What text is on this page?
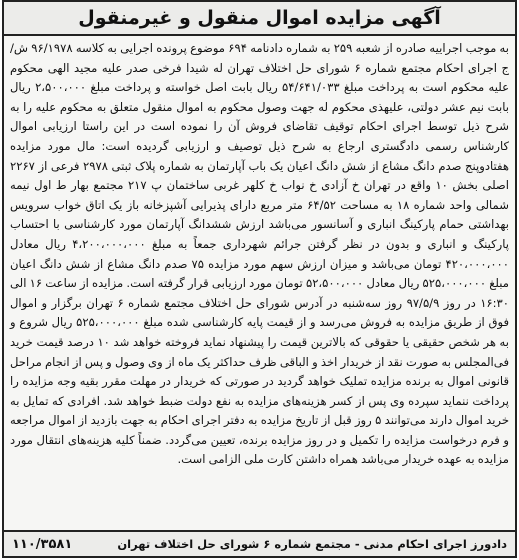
آگهی مزایده اموال منقول و غیرمنقول
به موجب اجراییه صادره از شعبه ۲۵۹ به شماره دادنامه ۶۹۴ موضوع پرونده اجرایی به کلاسه ۹۶/۱۹۷۸ ش/ج اجرای احکام مجتمع شماره ۶ شورای حل اختلاف تهران له شیدا فرخی صدر علیه مجید الهی محکوم علیه محکوم است به پرداخت مبلغ ۵۴/۶۴۱/۰۳۳ ریال بابت اصل خواسته و پرداخت مبلغ ۲،۵۰۰،۰۰۰ ریال بابت نیم عشر دولتی، علیهذی محکوم له جهت وصول محکوم به اموال منقول متعلق به محکوم علیه را به شرح ذیل توسط اجرای احکام توقیف تقاضای فروش آن را نموده است در این راستا ارزیابی اموال کارشناس رسمی دادگستری ارجاع به شرح ذیل توصیف و ارزیابی گردیده است: مال مورد مزایده هفتادوپنج صدم دانگ مشاع از شش دانگ اعیان یک باب آپارتمان به شماره پلاک ثبتی ۲۹۷۸ فرعی از ۲۲۶۷ اصلی بخش ۱۰ واقع در تهران خ آزادی خ نواب خ کلهر غربی ساختمان پ ۲۱۷ مجتمع بهار ط اول نیمه شمالی واحد شماره ۱۸ به مساحت ۶۴/۵۲ متر مربع دارای پذیرایی آشپزخانه باز یک اتاق خواب سرویس بهداشتی حمام پارکینگ انباری و آسانسور می‌باشد ارزش ششدانگ آپارتمان مورد کارشناسی با احتساب پارکینگ و انباری و بدون در نظر گرفتن جرائم شهرداری جمعاً به مبلغ ۴،۲۰۰،۰۰۰،۰۰۰ ریال معادل ۴۲۰،۰۰۰،۰۰۰ تومان می‌باشد و میزان ارزش سهم مورد مزایده ۷۵ صدم دانگ مشاع از شش دانگ اعیان مبلغ ۵۲۵،۰۰۰،۰۰۰ ریال معادل ۵۲،۵۰۰،۰۰۰ تومان مورد ارزیابی قرار گرفته است. مزایده از ساعت ۱۶ الی ۱۶:۳۰ در روز ۹۷/۵/۹ روز سه‌شنبه در آدرس شورای حل اختلاف مجتمع شماره ۶ تهران برگزار و اموال فوق از طریق مزایده به فروش می‌رسد و از قیمت پایه کارشناسی شده مبلغ ۵۲۵،۰۰۰،۰۰۰ ریال شروع و به هر شخص حقیقی یا حقوقی که بالاترین قیمت را پیشنهاد نماید فروخته خواهد شد ۱۰ درصد قیمت خرید فی‌المجلس به صورت نقد از خریدار اخذ و الباقی ظرف حداکثر یک ماه از وی وصول و پس از انجام مراحل قانونی اموال به برنده مزایده تملیک خواهد گردید در صورتی که خریدار در مهلت مقرر بقیه وجه مزایده را پرداخت ننماید سپرده وی پس از کسر هزینه‌های مزایده به نفع دولت ضبط خواهد شد. افرادی که تمایل به خرید اموال دارند می‌توانند ۵ روز قبل از تاریخ مزایده به دفتر اجرای احکام به جهت بازدید از اموال مراجعه و فرم درخواست مزایده را تکمیل و در روز مزایده برنده، تعیین می‌گردد. ضمناً کلیه هزینه‌های انتقال مورد مزایده به عهده خریدار می‌باشد همراه داشتن کارت ملی الزامی است.
۱۱۰/۳۵۸۱	دادورز اجرای احکام مدنی - مجتمع شماره ۶ شورای حل اختلاف تهران
